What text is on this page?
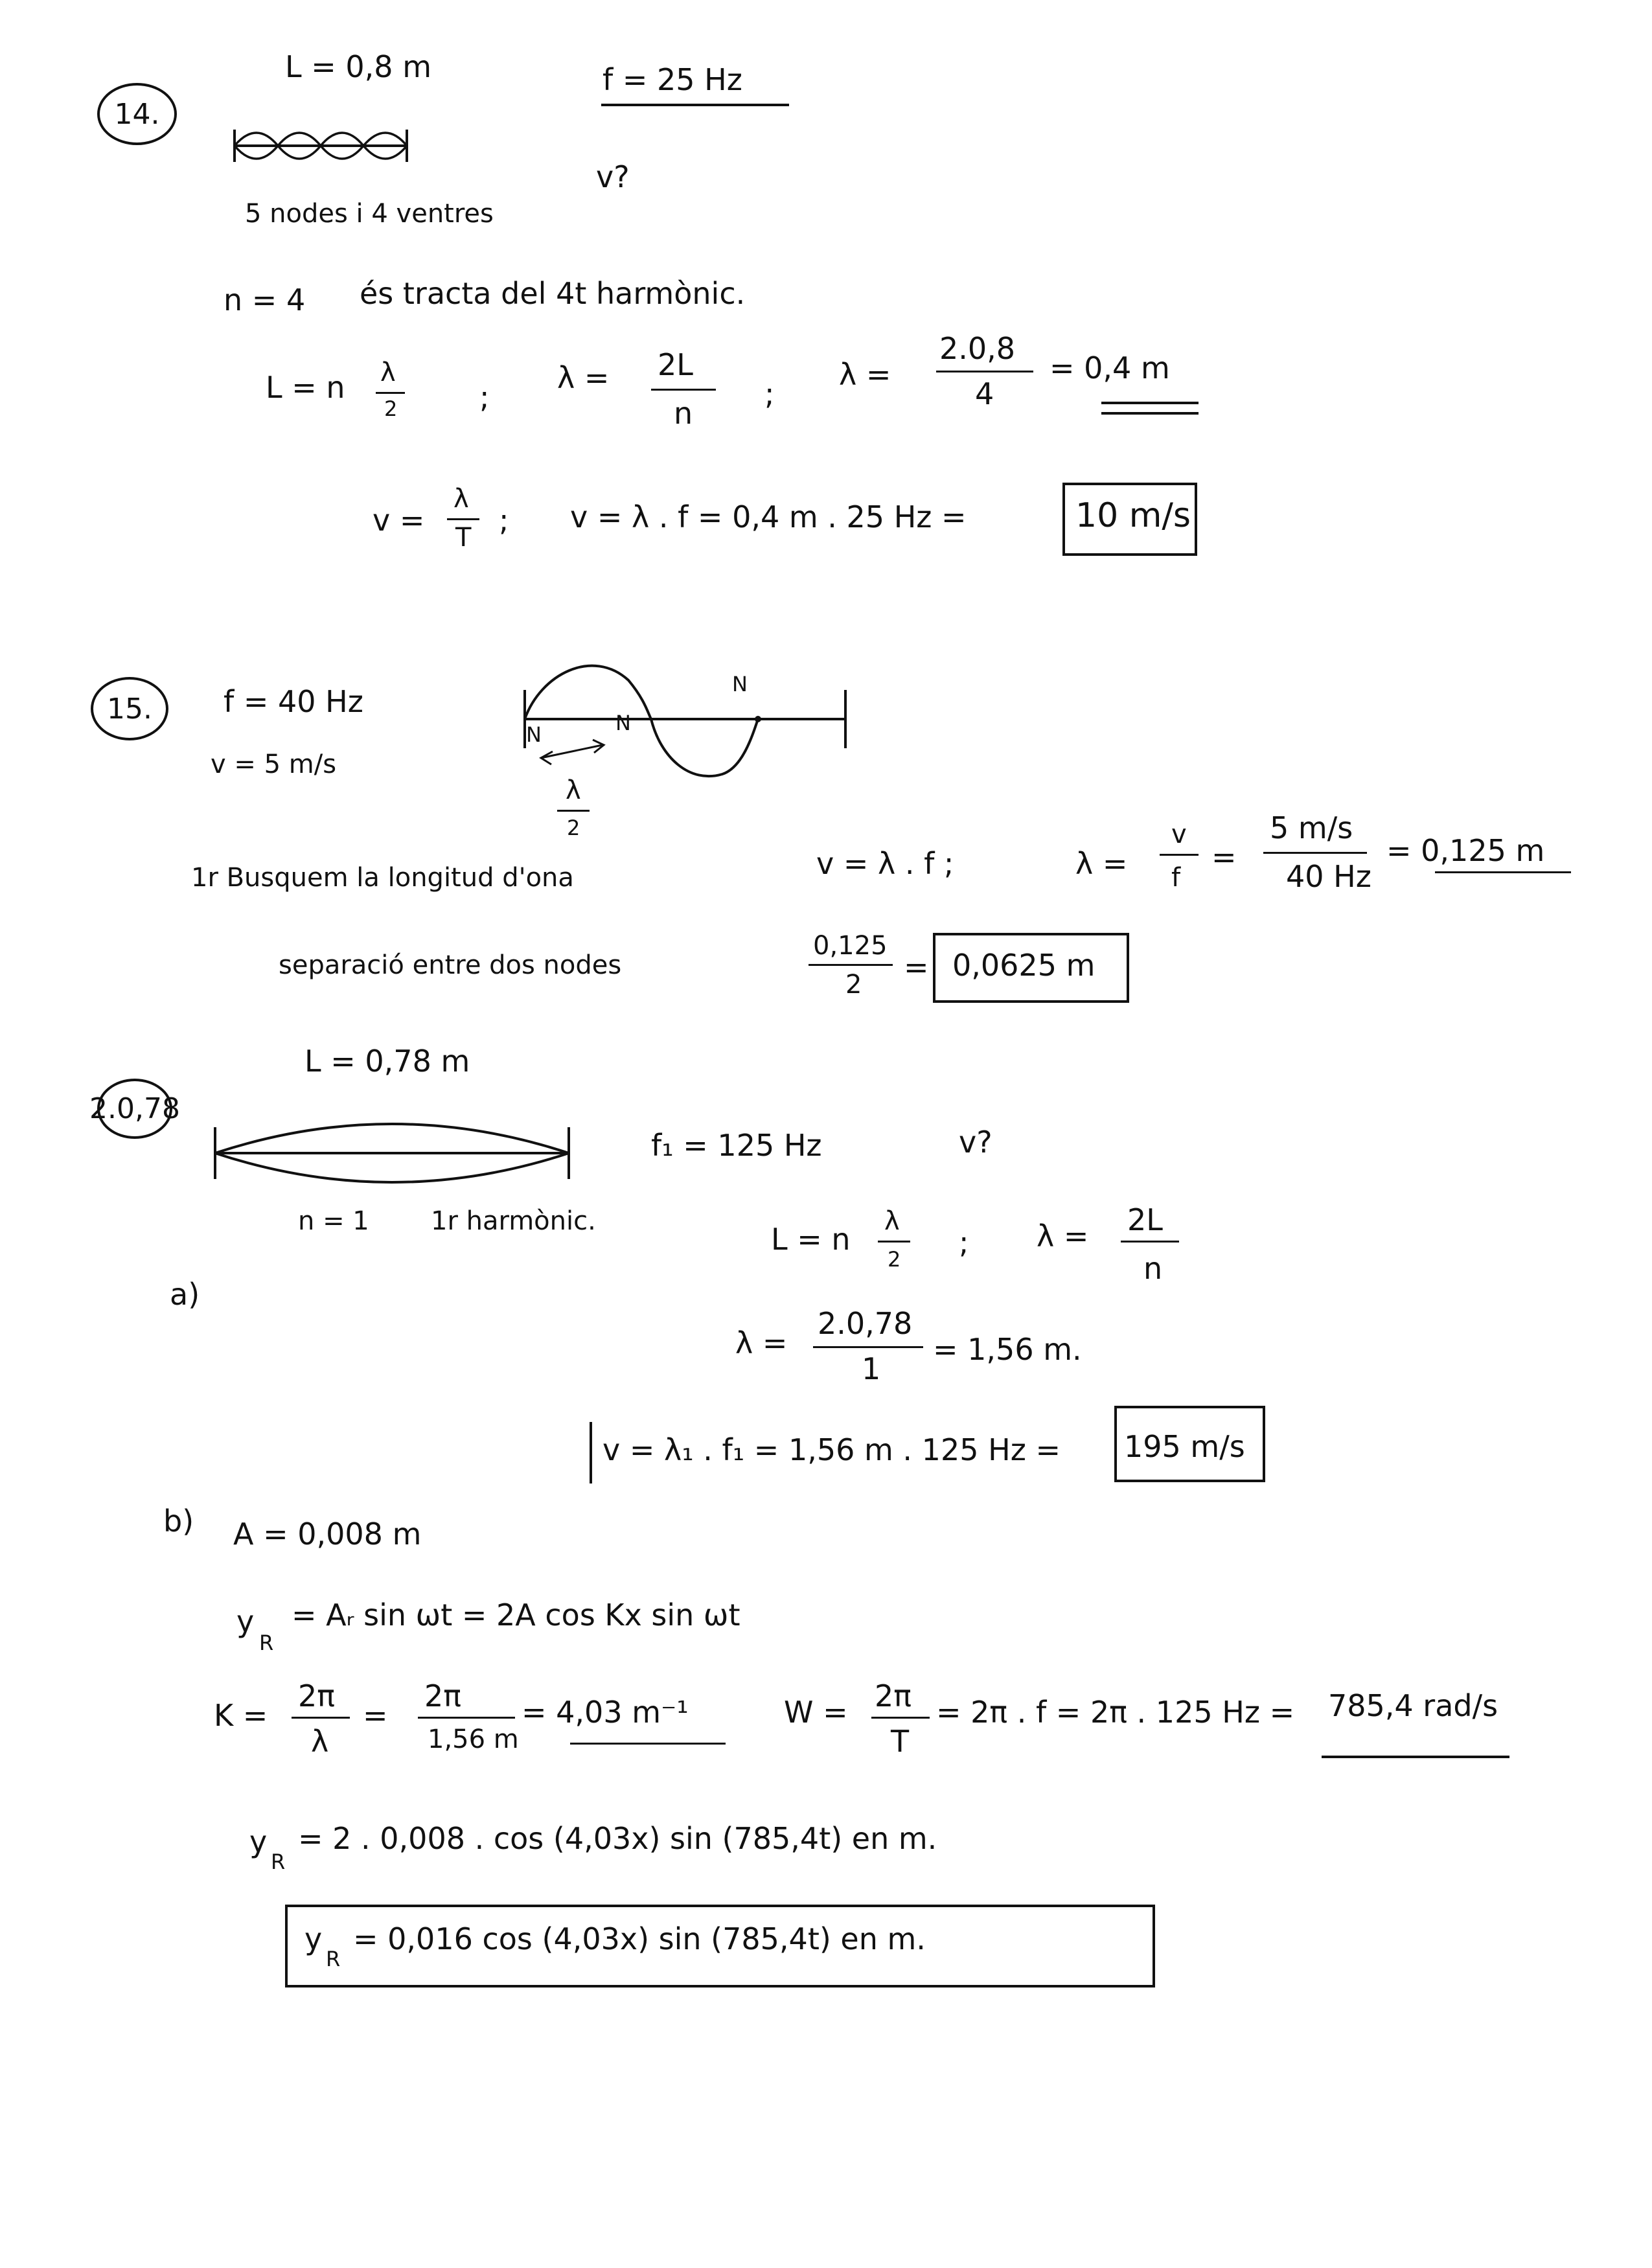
14.
L = 0,8 m	f = 25 Hz
v?
5 nodes i 4 ventres
n = 4 és tracta del 4t harmònic.
L = n λ
2	;
λ = 2L
n
;
λ =
2.0,8
4
= 0,4 m
v =
λ
T ; v = λ . f = 0,4 m . 25 Hz =	10 m/s
15. f = 40 Hz
v = 5 m/s
N	N
N
λ
2
1r Busquem la longitud d'ona	v = λ . f ;	λ =
v
f
=
5 m/s
40 Hz
= 0,125 m
separació entre dos nodes
0,125
2 = 0,0625 m
2.0,78
L = 0,78 m
f₁ = 125 Hz	v?
n = 1 1r harmònic.
a)
L = n
λ
2 ; λ = 2L
n
λ =
2.0,78
1
= 1,56 m.
v = λ₁ . f₁ = 1,56 m . 125 Hz = 195 m/s
b) A = 0,008 m
y
R
= Aᵣ sin ωt = 2A cos Kx sin ωt
K =
2π
λ
=
2π
1,56 m
= 4,03 m⁻¹	W = 2π
T
= 2π . f = 2π . 125 Hz = 785,4 rad/s
y
R
= 2 . 0,008 . cos (4,03x) sin (785,4t) en m.
y
R
= 0,016 cos (4,03x) sin (785,4t) en m.
